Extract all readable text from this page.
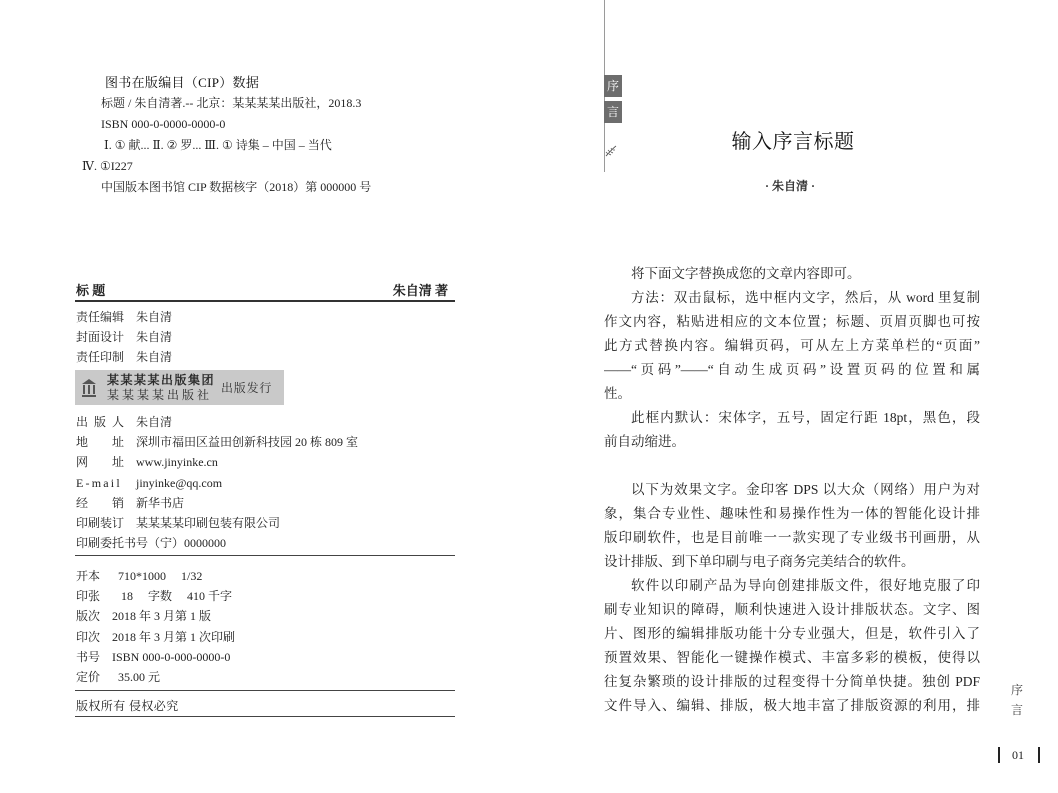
图书在版编目（CIP）数据
标题 / 朱自清著.-- 北京：某某某某出版社，2018.3
ISBN 000-0-0000-0000-0
Ⅰ. ① 献... Ⅱ. ② 罗... Ⅲ. ① 诗集 – 中国 – 当代
Ⅳ. ①I227
中国版本图书馆 CIP 数据核字（2018）第 000000 号
标 题	朱自清 著
责任编辑 朱自清
封面设计 朱自清
责任印制 朱自清
某某某某出版集团
某 某 某 某 出 版 社 出版发行
出版人 朱自清
地址 深圳市福田区益田创新科技园 20 栋 809 室
网址 www.jinyinke.cn
E-mail jinyinke@qq.com
经销 新华书店
印刷装订 某某某某印刷包装有限公司
印刷委托书号（宁）0000000
开本  710*1000     1/32
印张   18     字数     410 千字
版次 2018 年 3 月第 1 版
印次 2018 年 3 月第 1 次印刷
书号 ISBN 000-0-000-0000-0
定价  35.00 元
版权所有 侵权必究
序
言
输入序言标题
· 朱自清 ·
将下面文字替换成您的文章内容即可。
方法：双击鼠标，选中框内文字，然后，从 word 里复制
作文内容，粘贴进相应的文本位置；标题、页眉页脚也可按
此方式替换内容。编辑页码，可从左上方菜单栏的“页面”
——“页码”——“自动生成页码”设置页码的位置和属
性。
此框内默认：宋体字，五号，固定行距 18pt，黑色，段
前自动缩进。
以下为效果文字。金印客 DPS 以大众（网络）用户为对
象，集合专业性、趣味性和易操作性为一体的智能化设计排
版印刷软件，也是目前唯一一款实现了专业级书刊画册，从
设计排版、到下单印刷与电子商务完美结合的软件。
软件以印刷产品为导向创建排版文件，很好地克服了印
刷专业知识的障碍，顺利快速进入设计排版状态。文字、图
片、图形的编辑排版功能十分专业强大，但是，软件引入了
预置效果、智能化一键操作模式、丰富多彩的模板，使得以
往复杂繁琐的设计排版的过程变得十分简单快捷。独创 PDF
文件导入、编辑、排版，极大地丰富了排版资源的利用，排
序
言
01
